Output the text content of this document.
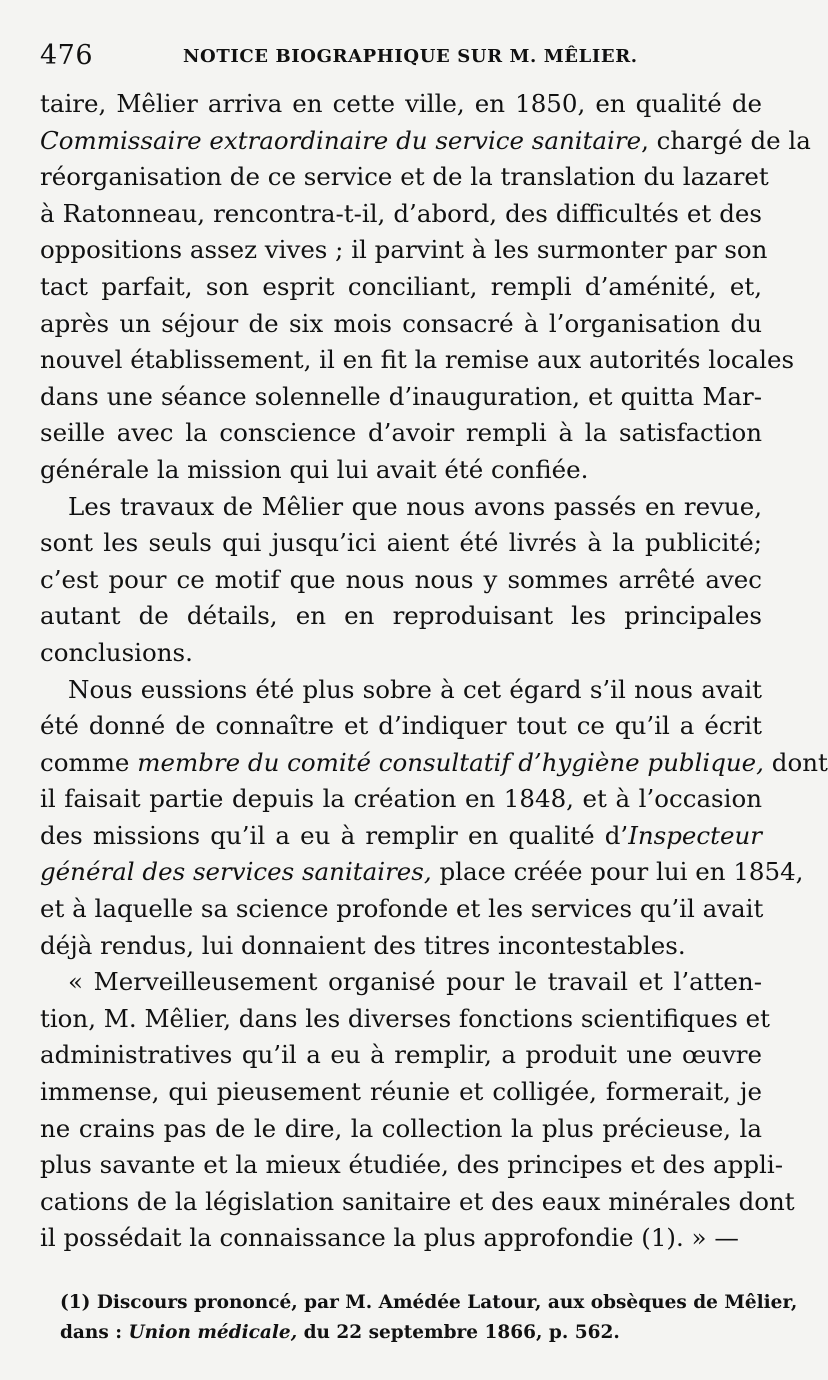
476	NOTICE BIOGRAPHIQUE SUR M. MÊLIER.
taire, Mêlier arriva en cette ville, en 1850, en qualité de
Commissaire extraordinaire du service sanitaire, chargé de la
réorganisation de ce service et de la translation du lazaret
à Ratonneau, rencontra-t-il, d’abord, des difficultés et des
oppositions assez vives ; il parvint à les surmonter par son
tact parfait, son esprit conciliant, rempli d’aménité, et,
après un séjour de six mois consacré à l’organisation du
nouvel établissement, il en fit la remise aux autorités locales
dans une séance solennelle d’inauguration, et quitta Mar-
seille avec la conscience d’avoir rempli à la satisfaction
générale la mission qui lui avait été confiée.
Les travaux de Mêlier que nous avons passés en revue,
sont les seuls qui jusqu’ici aient été livrés à la publicité;
c’est pour ce motif que nous nous y sommes arrêté avec
autant de détails, en en reproduisant les principales
conclusions.
Nous eussions été plus sobre à cet égard s’il nous avait
été donné de connaître et d’indiquer tout ce qu’il a écrit
comme membre du comité consultatif d’hygiène publique, dont
il faisait partie depuis la création en 1848, et à l’occasion
des missions qu’il a eu à remplir en qualité d’Inspecteur
général des services sanitaires, place créée pour lui en 1854,
et à laquelle sa science profonde et les services qu’il avait
déjà rendus, lui donnaient des titres incontestables.
« Merveilleusement organisé pour le travail et l’atten-
tion, M. Mêlier, dans les diverses fonctions scientifiques et
administratives qu’il a eu à remplir, a produit une œuvre
immense, qui pieusement réunie et colligée, formerait, je
ne crains pas de le dire, la collection la plus précieuse, la
plus savante et la mieux étudiée, des principes et des appli-
cations de la législation sanitaire et des eaux minérales dont
il possédait la connaissance la plus approfondie (1). » —
(1) Discours prononcé, par M. Amédée Latour, aux obsèques de Mêlier,
dans : Union médicale, du 22 septembre 1866, p. 562.
